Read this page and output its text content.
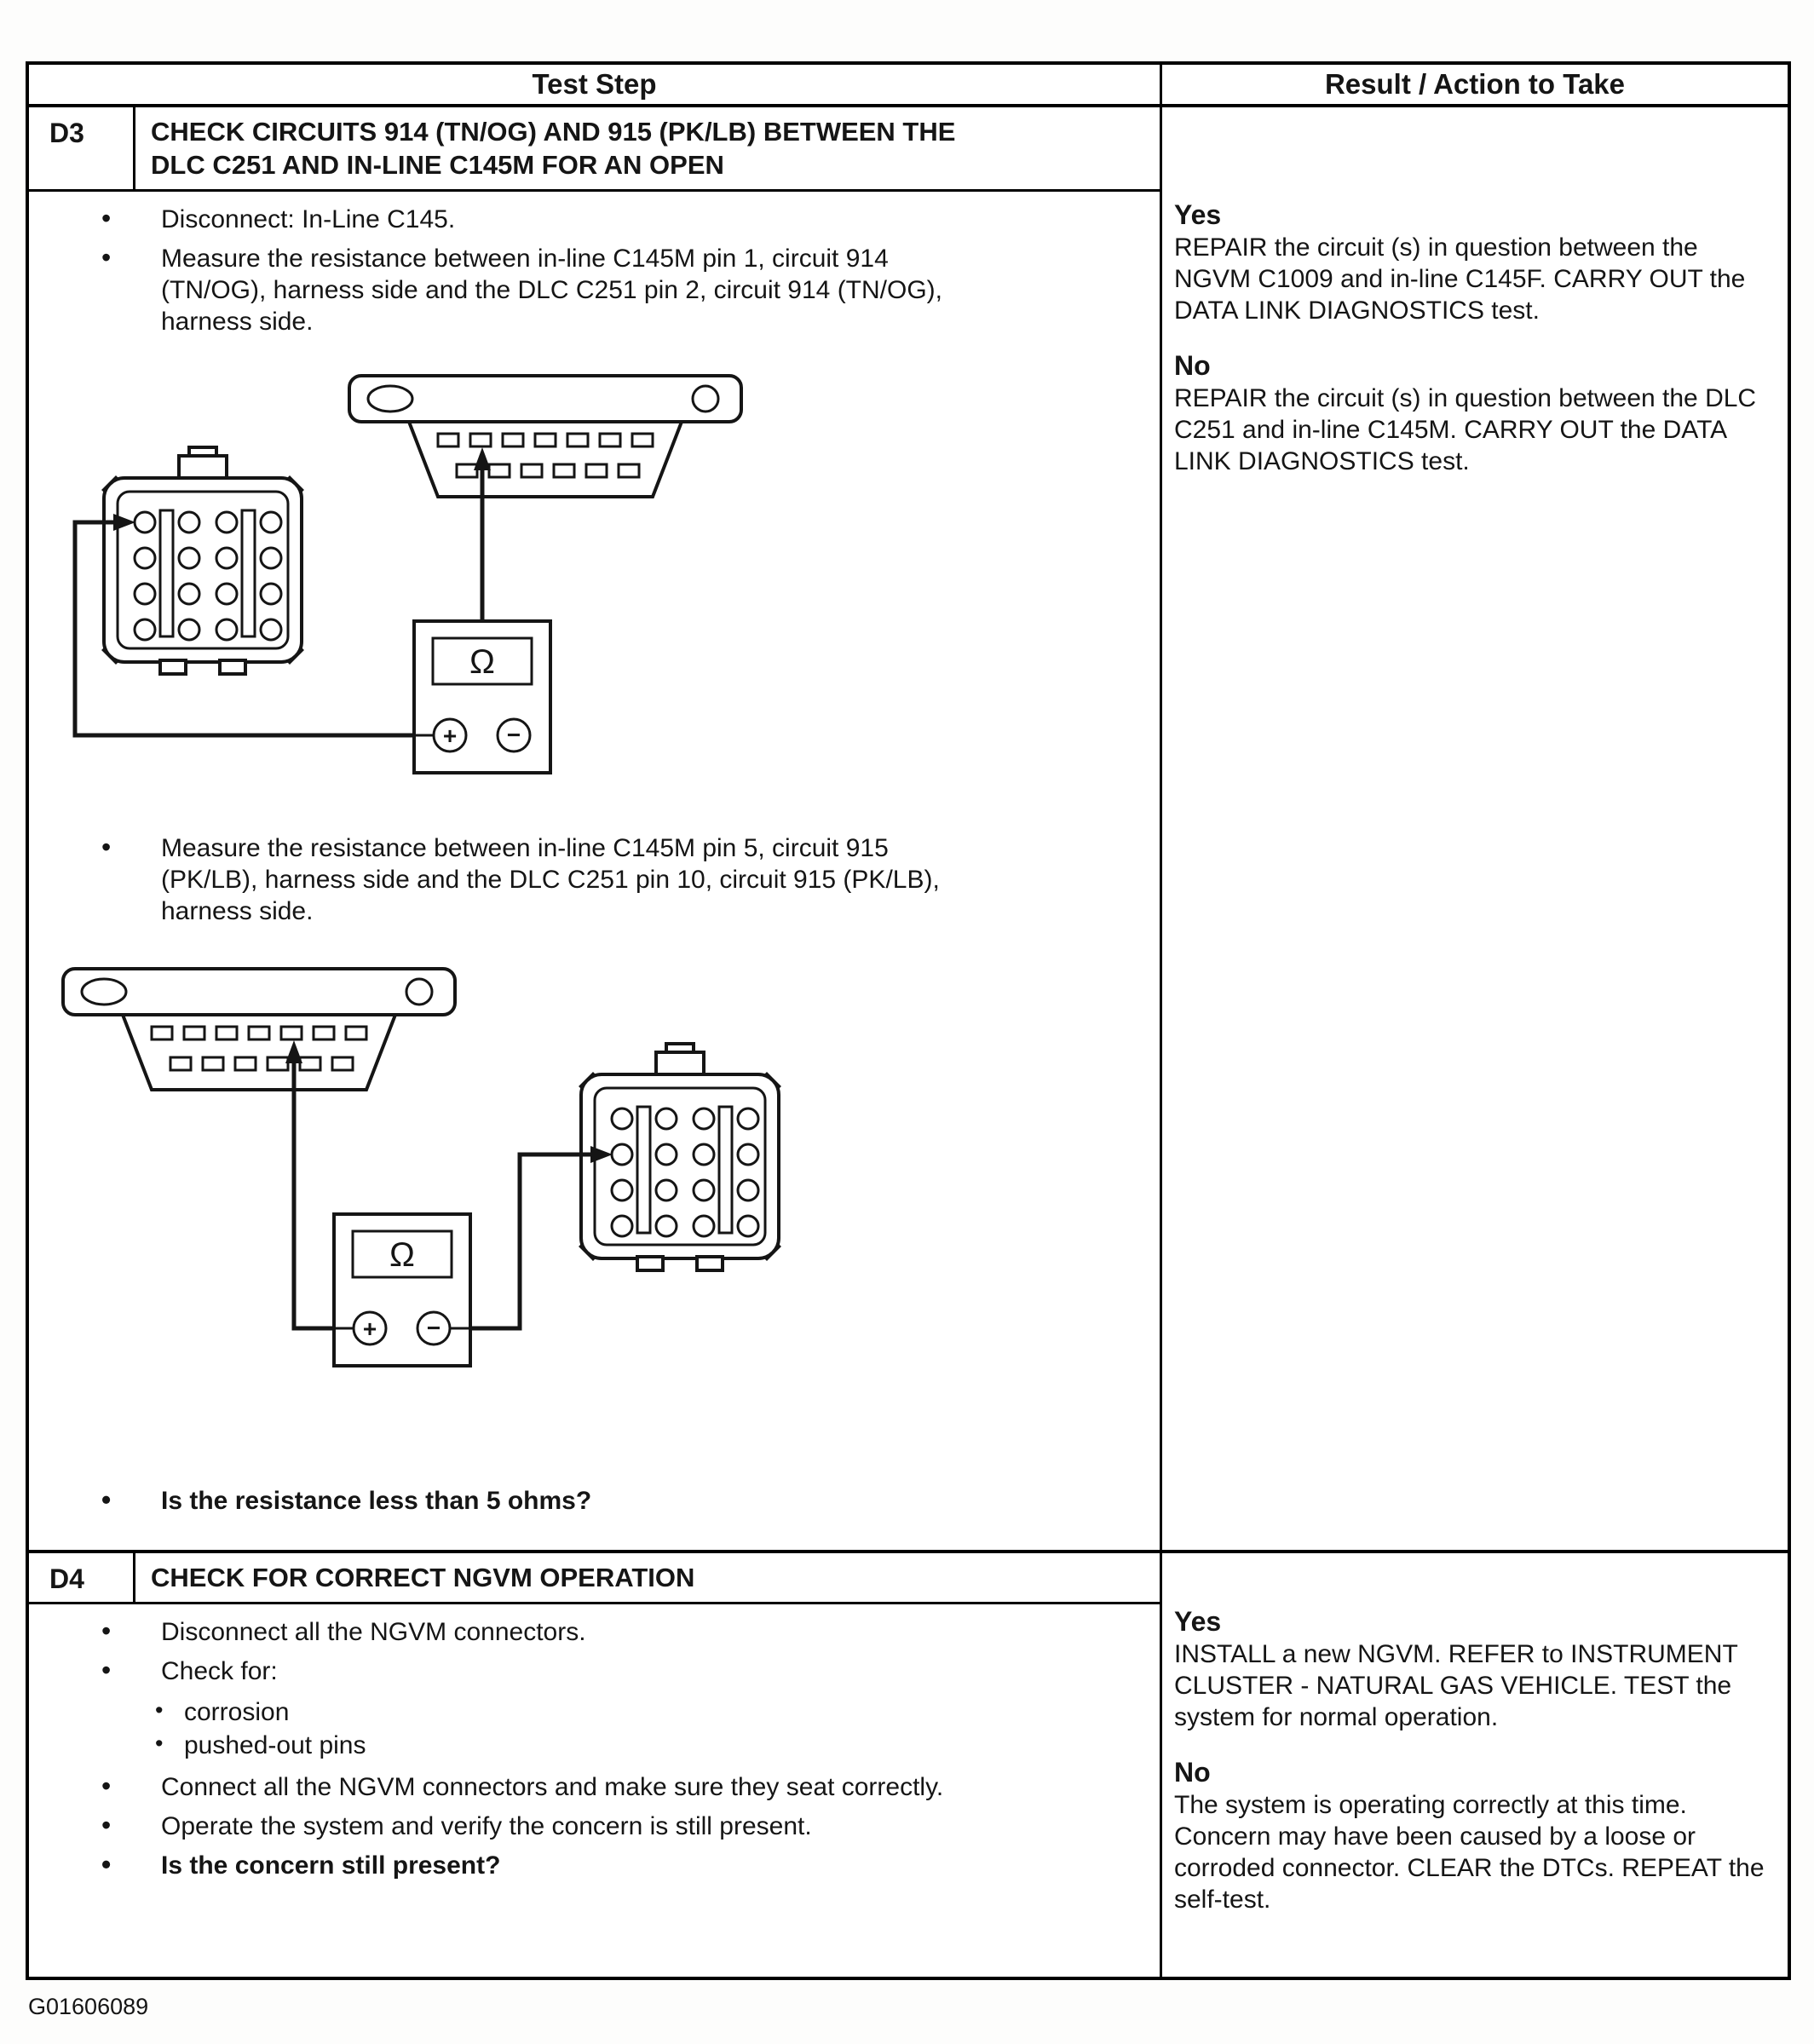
Test Step	Result / Action to Take
D3	CHECK CIRCUITS 914 (TN/OG) AND 915 (PK/LB) BETWEEN THE DLC C251 AND IN-LINE C145M FOR AN OPEN
• Disconnect: In-Line C145.
• Measure the resistance between in-line C145M pin 1, circuit 914 (TN/OG), harness side and the DLC C251 pin 2, circuit 914 (TN/OG), harness side.
Ω
+ −
• Measure the resistance between in-line C145M pin 5, circuit 915 (PK/LB), harness side and the DLC C251 pin 10, circuit 915 (PK/LB), harness side.
Ω
+ −
• Is the resistance less than 5 ohms?
Yes
REPAIR the circuit (s) in question between the NGVM C1009 and in-line C145F. CARRY OUT the DATA LINK DIAGNOSTICS test.
No
REPAIR the circuit (s) in question between the DLC C251 and in-line C145M. CARRY OUT the DATA LINK DIAGNOSTICS test.
D4	CHECK FOR CORRECT NGVM OPERATION
• Disconnect all the NGVM connectors.
• Check for:
• corrosion
• pushed-out pins
• Connect all the NGVM connectors and make sure they seat correctly.
• Operate the system and verify the concern is still present.
• Is the concern still present?
Yes
INSTALL a new NGVM. REFER to INSTRUMENT CLUSTER - NATURAL GAS VEHICLE. TEST the system for normal operation.
No
The system is operating correctly at this time. Concern may have been caused by a loose or corroded connector. CLEAR the DTCs. REPEAT the self-test.
G01606089
